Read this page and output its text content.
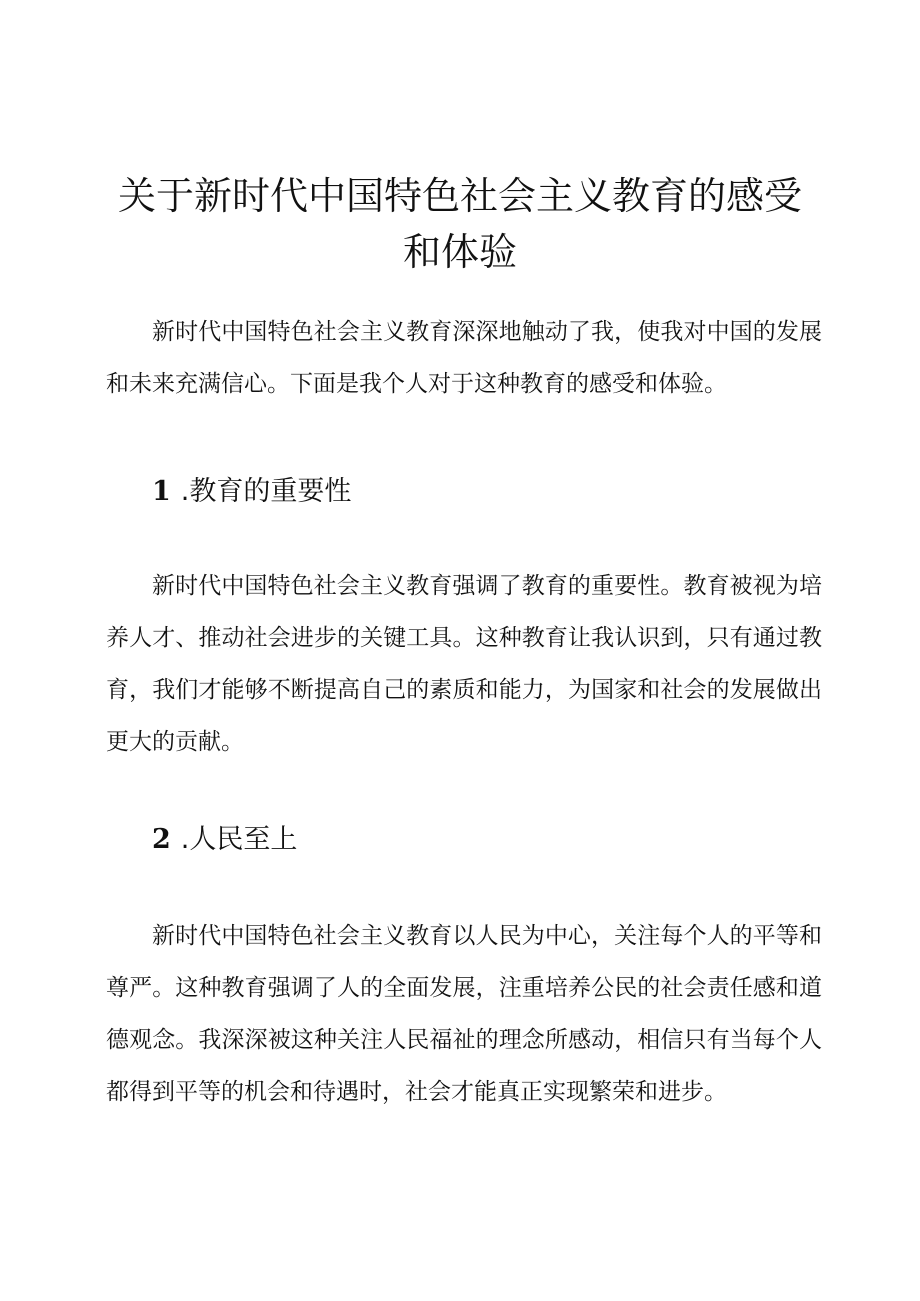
关于新时代中国特色社会主义教育的感受和体验

新时代中国特色社会主义教育深深地触动了我，使我对中国的发展和未来充满信心。下面是我个人对于这种教育的感受和体验。

1 .教育的重要性

新时代中国特色社会主义教育强调了教育的重要性。教育被视为培养人才、推动社会进步的关键工具。这种教育让我认识到，只有通过教育，我们才能够不断提高自己的素质和能力，为国家和社会的发展做出更大的贡献。

2 .人民至上

新时代中国特色社会主义教育以人民为中心，关注每个人的平等和尊严。这种教育强调了人的全面发展，注重培养公民的社会责任感和道德观念。我深深被这种关注人民福祉的理念所感动，相信只有当每个人都得到平等的机会和待遇时，社会才能真正实现繁荣和进步。
